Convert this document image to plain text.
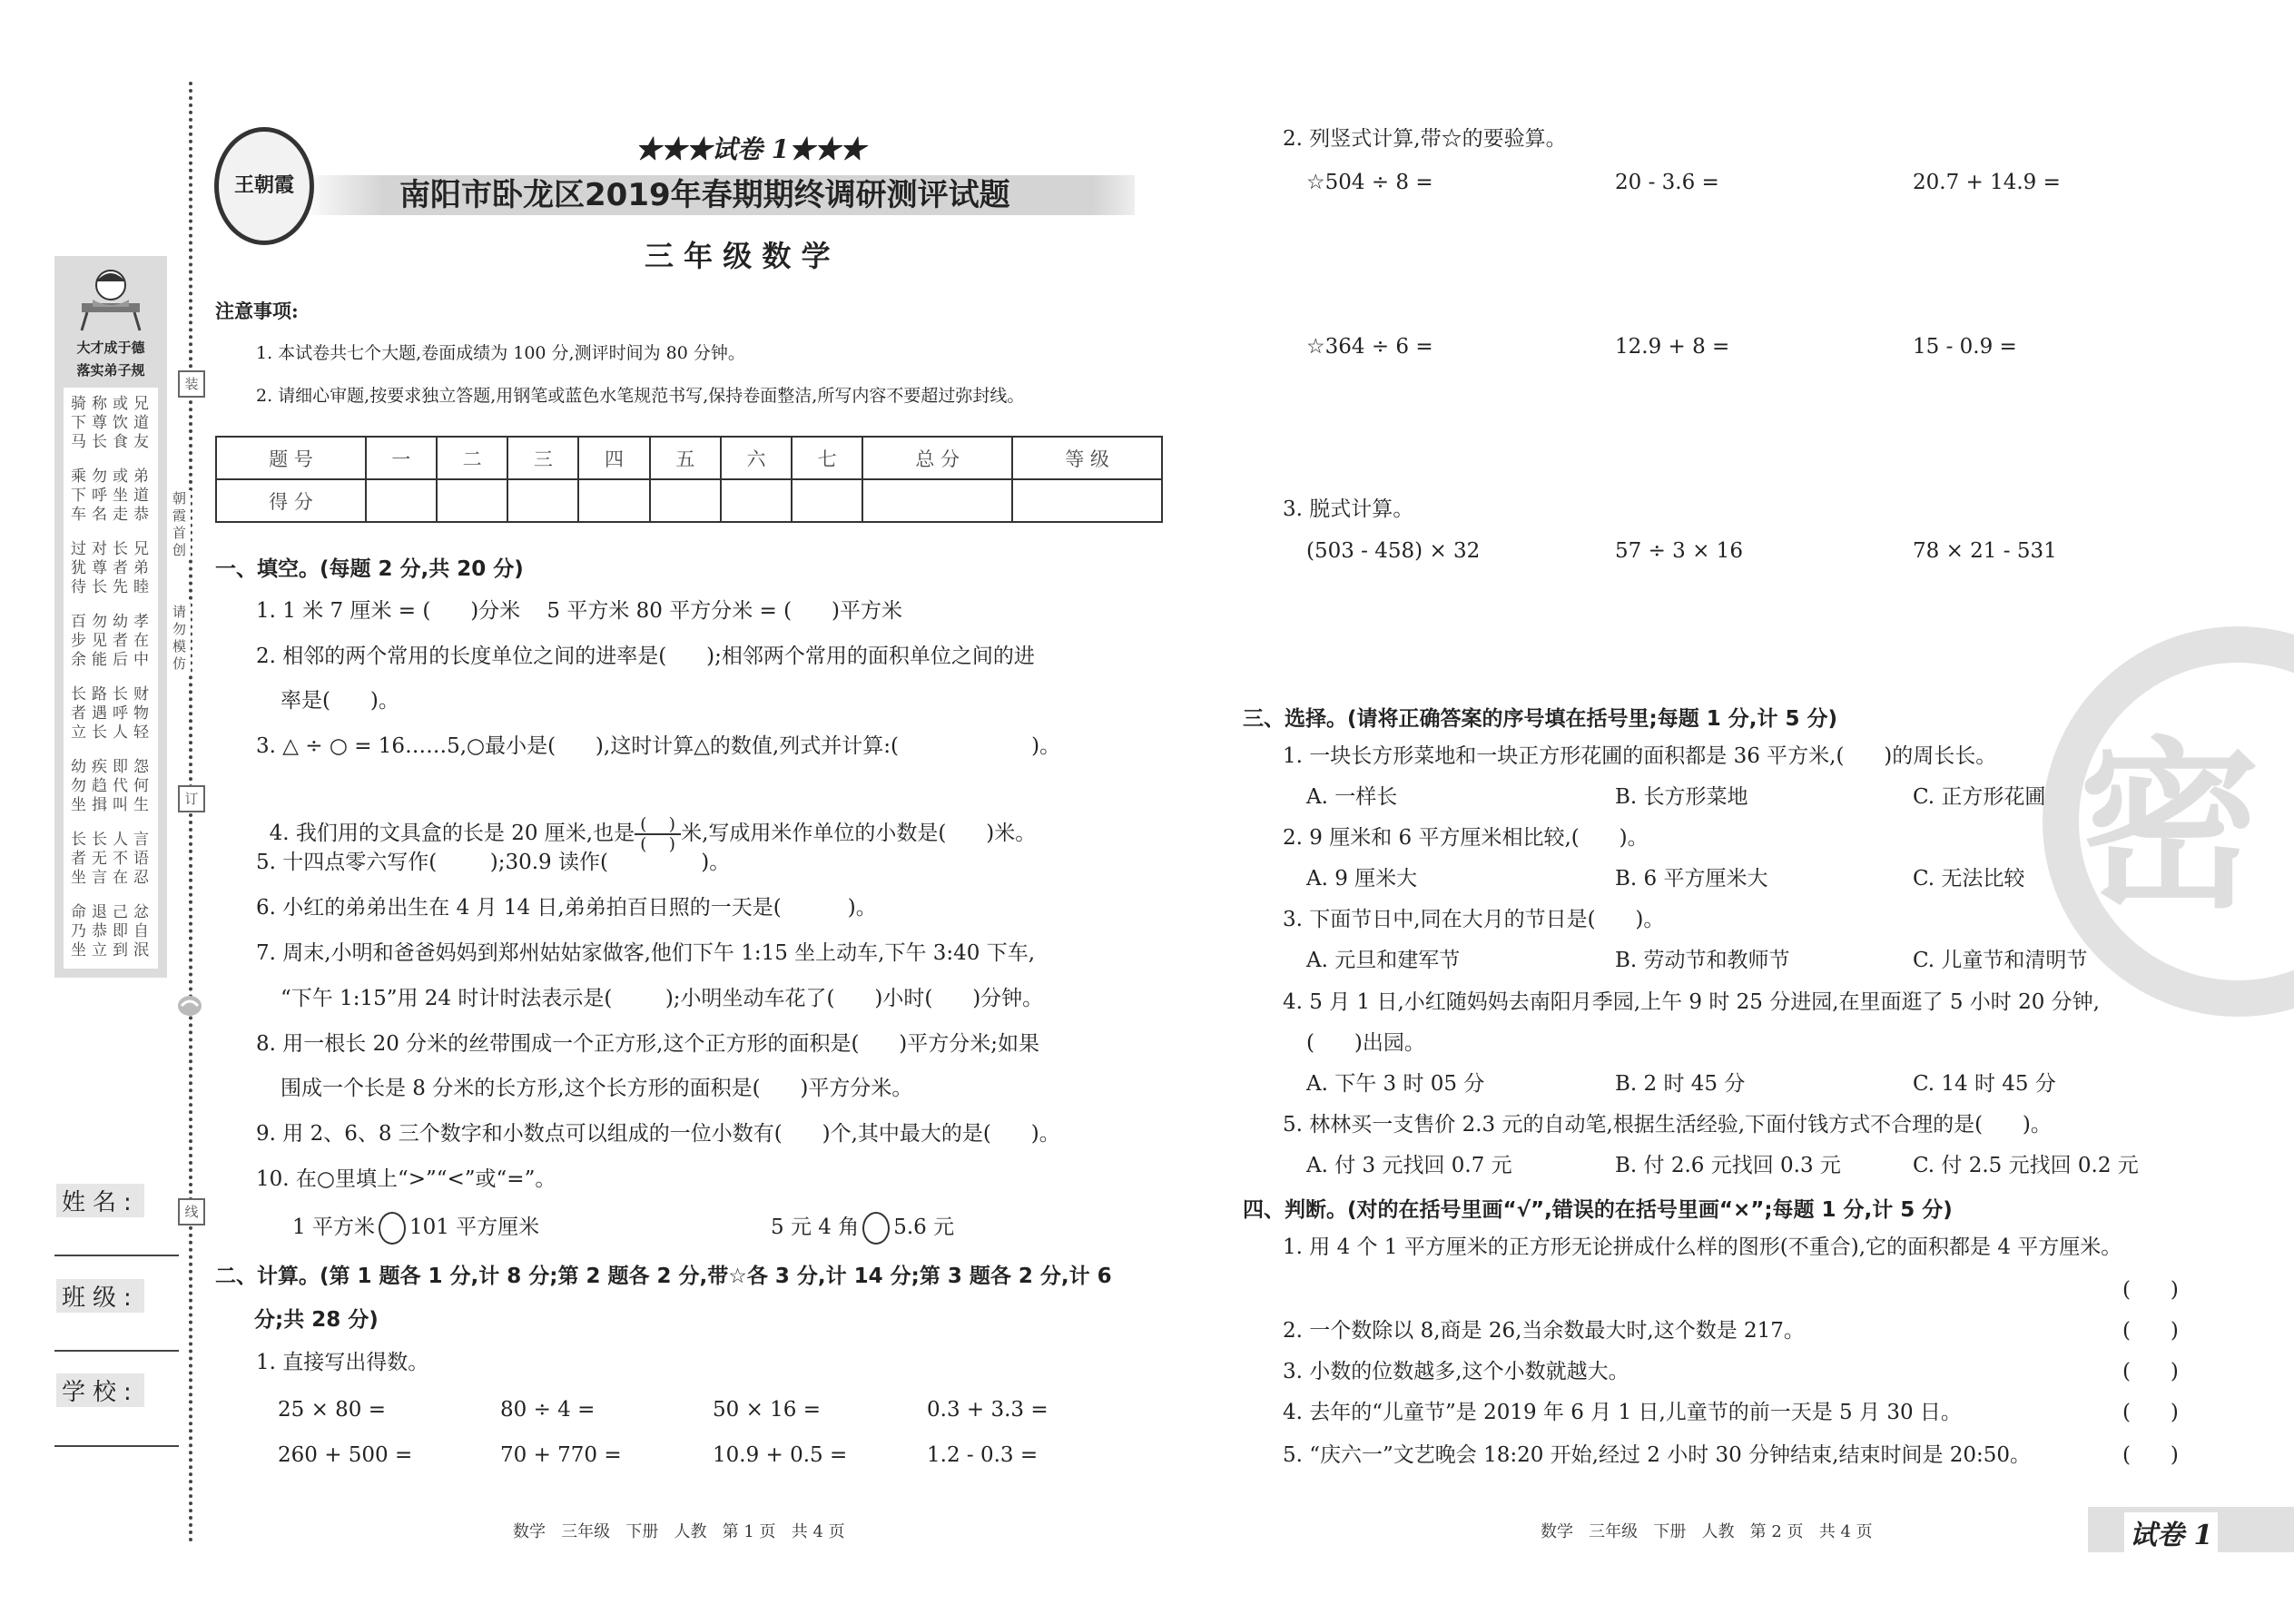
大才成于德
落实弟子规
骑称或兄
下尊饮道
马长食友
乘勿或弟
下呼坐道
车名走恭
过对长兄
犹尊者弟
待长先睦
百勿幼孝
步见者在
余能后中
长路长财
者遇呼物
立长人轻
幼疾即怨
勿趋代何
坐揖叫生
长长人言
者无不语
坐言在忍
命退己忿
乃恭即自
坐立到泯
装
订
线
朝霞首创
请勿模仿
姓名:
班级:
学校:
王朝霞
★★★试卷 1★★★
南阳市卧龙区2019年春期期终调研测评试题
三 年 级 数 学
注意事项:
1. 本试卷共七个大题,卷面成绩为 100 分,测评时间为 80 分钟。
2. 请细心审题,按要求独立答题,用钢笔或蓝色水笔规范书写,保持卷面整洁,所写内容不要超过弥封线。
题 号	一	二	三	四	五	六	七	总 分	等 级
得 分									
一、填空。(每题 2 分,共 20 分)
1. 1 米 7 厘米 = (      )分米    5 平方米 80 平方分米 = (      )平方米
2. 相邻的两个常用的长度单位之间的进率是(      );相邻两个常用的面积单位之间的进
率是(      )。
3. △ ÷ ○ = 16……5,○最小是(      ),这时计算△的数值,列式并计算:(                    )。

4. 我们用的文具盒的长是 20 厘米,也是 $\frac{( )}{( )}$ 米,写成用米作单位的小数是(      )米。

5. 十四点零六写作(        );30.9 读作(              )。
6. 小红的弟弟出生在 4 月 14 日,弟弟拍百日照的一天是(          )。
7. 周末,小明和爸爸妈妈到郑州姑姑家做客,他们下午 1:15 坐上动车,下午 3:40 下车,
“下午 1:15”用 24 时计时法表示是(        );小明坐动车花了(      )小时(      )分钟。
8. 用一根长 20 分米的丝带围成一个正方形,这个正方形的面积是(      )平方分米;如果
围成一个长是 8 分米的长方形,这个长方形的面积是(      )平方分米。
9. 用 2、6、8 三个数字和小数点可以组成的一位小数有(      )个,其中最大的是(      )。
10. 在○里填上“>”“<”或“=”。
1 平方米 101 平方厘米	5 元 4 角 5.6 元
二、计算。(第 1 题各 1 分,计 8 分;第 2 题各 2 分,带☆各 3 分,计 14 分;第 3 题各 2 分,计 6
分;共 28 分)
1. 直接写出得数。
25 × 80 =	80 ÷ 4 =	50 × 16 =	0.3 + 3.3 =
260 + 500 =	70 + 770 =	10.9 + 0.5 =	1.2 - 0.3 =
数学   三年级   下册   人教   第 1 页   共 4 页
密
2. 列竖式计算,带☆的要验算。
☆504 ÷ 8 =	20 - 3.6 =	20.7 + 14.9 =
☆364 ÷ 6 =	12.9 + 8 =	15 - 0.9 =
3. 脱式计算。
(503 - 458) × 32	57 ÷ 3 × 16	78 × 21 - 531
三、选择。(请将正确答案的序号填在括号里;每题 1 分,计 5 分)
1. 一块长方形菜地和一块正方形花圃的面积都是 36 平方米,(      )的周长长。
A. 一样长	B. 长方形菜地	C. 正方形花圃
2. 9 厘米和 6 平方厘米相比较,(      )。
A. 9 厘米大	B. 6 平方厘米大	C. 无法比较
3. 下面节日中,同在大月的节日是(      )。
A. 元旦和建军节	B. 劳动节和教师节	C. 儿童节和清明节
4. 5 月 1 日,小红随妈妈去南阳月季园,上午 9 时 25 分进园,在里面逛了 5 小时 20 分钟,
(      )出园。
A. 下午 3 时 05 分	B. 2 时 45 分	C. 14 时 45 分
5. 林林买一支售价 2.3 元的自动笔,根据生活经验,下面付钱方式不合理的是(      )。
A. 付 3 元找回 0.7 元	B. 付 2.6 元找回 0.3 元	C. 付 2.5 元找回 0.2 元
四、判断。(对的在括号里画“√”,错误的在括号里画“×”;每题 1 分,计 5 分)
1. 用 4 个 1 平方厘米的正方形无论拼成什么样的图形(不重合),它的面积都是 4 平方厘米。
(      )
2. 一个数除以 8,商是 26,当余数最大时,这个数是 217。	(      )
3. 小数的位数越多,这个小数就越大。	(      )
4. 去年的“儿童节”是 2019 年 6 月 1 日,儿童节的前一天是 5 月 30 日。	(      )
5. “庆六一”文艺晚会 18:20 开始,经过 2 小时 30 分钟结束,结束时间是 20:50。	(      )
数学   三年级   下册   人教   第 2 页   共 4 页	试卷 1
